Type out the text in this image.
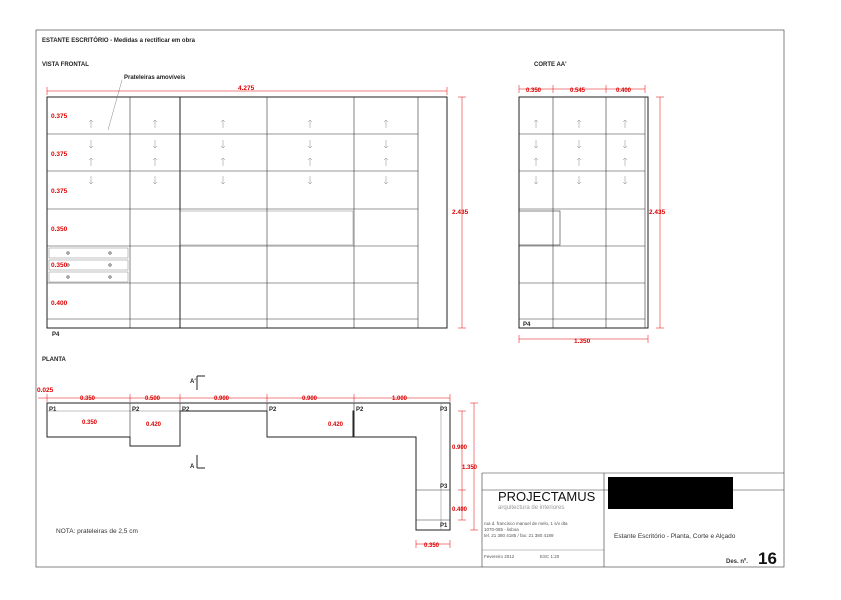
ESTANTE ESCRITÓRIO - Medidas a rectificar em obra
VISTA FRONTAL	CORTE AA'
PLANTA
Prateleiras amovíveis
4.275
2.435
0.375
0.375
0.375
0.350
0.350
0.400
P4
0.350	0.545	0.400
2.435
1.350
P4
A'
A
0.025
0.350	0.500	0.900	0.900	1.000
0.350	0.420	0.420
P1	P2	P2	P2	P2	P3
P3
P1
0.900
1.350
0.400
0.350
NOTA: prateleiras de 2,5 cm
PROJECTAMUS
arquitectura de interiores
rua d. francisco manuel de melo, 1 s/v dta
1070-085 - lisboa
tel. 21 380 4185 / fax: 21 380 4189	Estante Escritório - Planta, Corte e Alçado
Fevereiro 2012	ESC 1:20
Des. nº. 16
